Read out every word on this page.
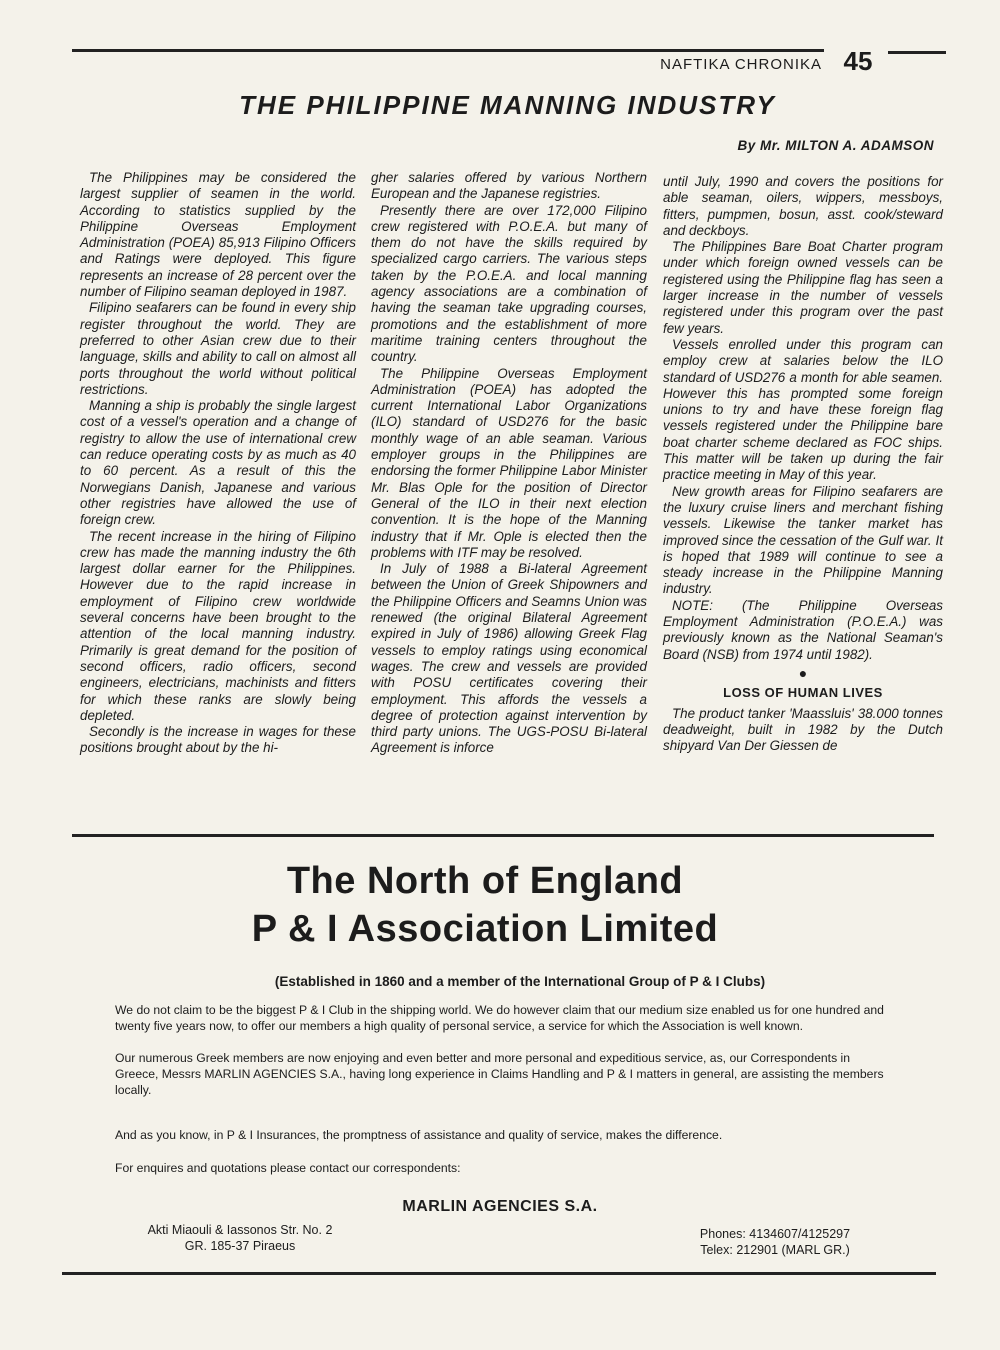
NAFTIKA CHRONIKA 45
THE PHILIPPINE MANNING INDUSTRY
By Mr. MILTON A. ADAMSON

The Philippines may be considered the largest supplier of seamen in the world. According to statistics supplied by the Philippine Overseas Employment Administration (POEA) 85,913 Filipino Officers and Ratings were deployed. This figure represents an increase of 28 percent over the number of Filipino seaman deployed in 1987.

Filipino seafarers can be found in every ship register throughout the world. They are preferred to other Asian crew due to their language, skills and ability to call on almost all ports throughout the world without political restrictions.

Manning a ship is probably the single largest cost of a vessel's operation and a change of registry to allow the use of international crew can reduce operating costs by as much as 40 to 60 percent. As a result of this the Norwegians Danish, Japanese and various other registries have allowed the use of foreign crew.

The recent increase in the hiring of Filipino crew has made the manning industry the 6th largest dollar earner for the Philippines. However due to the rapid increase in employment of Filipino crew worldwide several concerns have been brought to the attention of the local manning industry. Primarily is great demand for the position of second officers, radio officers, second engineers, electricians, machinists and fitters for which these ranks are slowly being depleted.

Secondly is the increase in wages for these positions brought about by the hi-

gher salaries offered by various Northern European and the Japanese registries.

Presently there are over 172,000 Filipino crew registered with P.O.E.A. but many of them do not have the skills required by specialized cargo carriers. The various steps taken by the P.O.E.A. and local manning agency associations are a combination of having the seaman take upgrading courses, promotions and the establishment of more maritime training centers throughout the country.

The Philippine Overseas Employment Administration (POEA) has adopted the current International Labor Organizations (ILO) standard of USD276 for the basic monthly wage of an able seaman. Various employer groups in the Philippines are endorsing the former Philippine Labor Minister Mr. Blas Ople for the position of Director General of the ILO in their next election convention. It is the hope of the Manning industry that if Mr. Ople is elected then the problems with ITF may be resolved.

In July of 1988 a Bi-lateral Agreement between the Union of Greek Shipowners and the Philippine Officers and Seamns Union was renewed (the original Bilateral Agreement expired in July of 1986) allowing Greek Flag vessels to employ ratings using economical wages. The crew and vessels are provided with POSU certificates covering their employment. This affords the vessels a degree of protection against intervention by third party unions. The UGS-POSU Bi-lateral Agreement is inforce

until July, 1990 and covers the positions for able seaman, oilers, wippers, messboys, fitters, pumpmen, bosun, asst. cook/steward and deckboys.

The Philippines Bare Boat Charter program under which foreign owned vessels can be registered using the Philippine flag has seen a larger increase in the number of vessels registered under this program over the past few years.

Vessels enrolled under this program can employ crew at salaries below the ILO standard of USD276 a month for able seamen. However this has prompted some foreign unions to try and have these foreign flag vessels registered under the Philippine bare boat charter scheme declared as FOC ships. This matter will be taken up during the fair practice meeting in May of this year.

New growth areas for Filipino seafarers are the luxury cruise liners and merchant fishing vessels. Likewise the tanker market has improved since the cessation of the Gulf war. It is hoped that 1989 will continue to see a steady increase in the Philippine Manning industry.

NOTE: (The Philippine Overseas Employment Administration (P.O.E.A.) was previously known as the National Seaman's Board (NSB) from 1974 until 1982).

●
LOSS OF HUMAN LIVES

The product tanker 'Maassluis' 38.000 tonnes deadweight, built in 1982 by the Dutch shipyard Van Der Giessen de

The North of England
P & I Association Limited
(Established in 1860 and a member of the International Group of P & I Clubs)

We do not claim to be the biggest P & I Club in the shipping world. We do however claim that our medium size enabled us for one hundred and twenty five years now, to offer our members a high quality of personal service, a service for which the Association is well known.

Our numerous Greek members are now enjoying and even better and more personal and expeditious service, as, our Correspondents in Greece, Messrs MARLIN AGENCIES S.A., having long experience in Claims Handling and P & I matters in general, are assisting the members locally.

And as you know, in P & I Insurances, the promptness of assistance and quality of service, makes the difference.

For enquires and quotations please contact our correspondents:

MARLIN AGENCIES S.A.
Akti Miaouli & Iassonos Str. No. 2
GR. 185-37 Piraeus
Phones: 4134607/4125297
Telex: 212901 (MARL GR.)
